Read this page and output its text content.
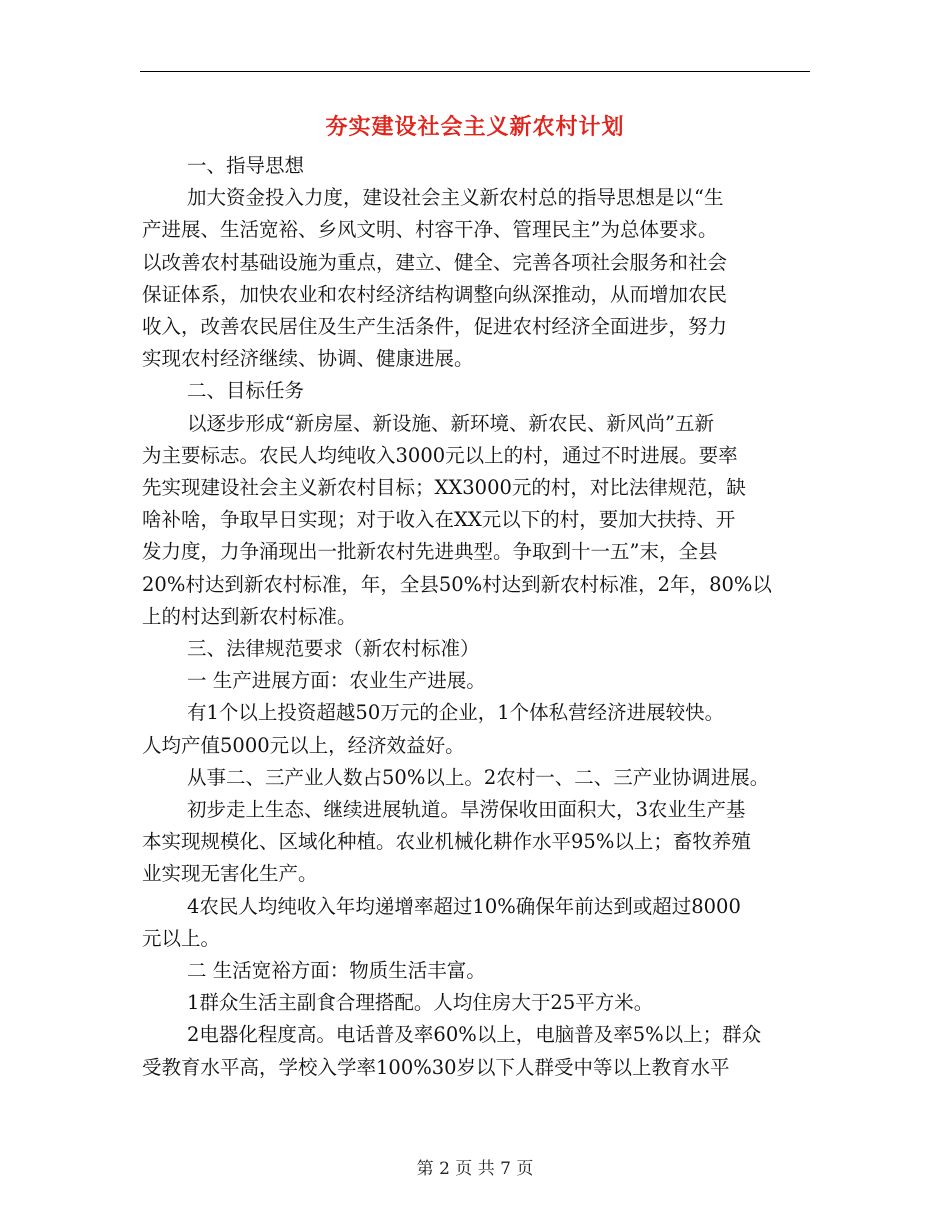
夯实建设社会主义新农村计划

一、指导思想

加大资金投入力度，建设社会主义新农村总的指导思想是以“生

产进展、生活宽裕、乡风文明、村容干净、管理民主”为总体要求。

以改善农村基础设施为重点，建立、健全、完善各项社会服务和社会

保证体系，加快农业和农村经济结构调整向纵深推动，从而增加农民

收入，改善农民居住及生产生活条件，促进农村经济全面进步，努力

实现农村经济继续、协调、健康进展。

二、目标任务

以逐步形成“新房屋、新设施、新环境、新农民、新风尚”五新

为主要标志。农民人均纯收入3000元以上的村，通过不时进展。要率

先实现建设社会主义新农村目标；XX3000元的村，对比法律规范，缺

啥补啥，争取早日实现；对于收入在XX元以下的村，要加大扶持、开

发力度，力争涌现出一批新农村先进典型。争取到十一五”末，全县

20%村达到新农村标准，年，全县50%村达到新农村标准，2年，80%以

上的村达到新农村标准。

三、法律规范要求（新农村标准）

一 生产进展方面：农业生产进展。

有1个以上投资超越50万元的企业，1个体私营经济进展较快。

人均产值5000元以上，经济效益好。

从事二、三产业人数占50%以上。2农村一、二、三产业协调进展。

初步走上生态、继续进展轨道。旱涝保收田面积大，3农业生产基

本实现规模化、区域化种植。农业机械化耕作水平95%以上；畜牧养殖

业实现无害化生产。

4农民人均纯收入年均递增率超过10%确保年前达到或超过8000

元以上。

二 生活宽裕方面：物质生活丰富。

1群众生活主副食合理搭配。人均住房大于25平方米。

2电器化程度高。电话普及率60%以上，电脑普及率5%以上；群众

受教育水平高，学校入学率100%30岁以下人群受中等以上教育水平

第 2 页 共 7 页
